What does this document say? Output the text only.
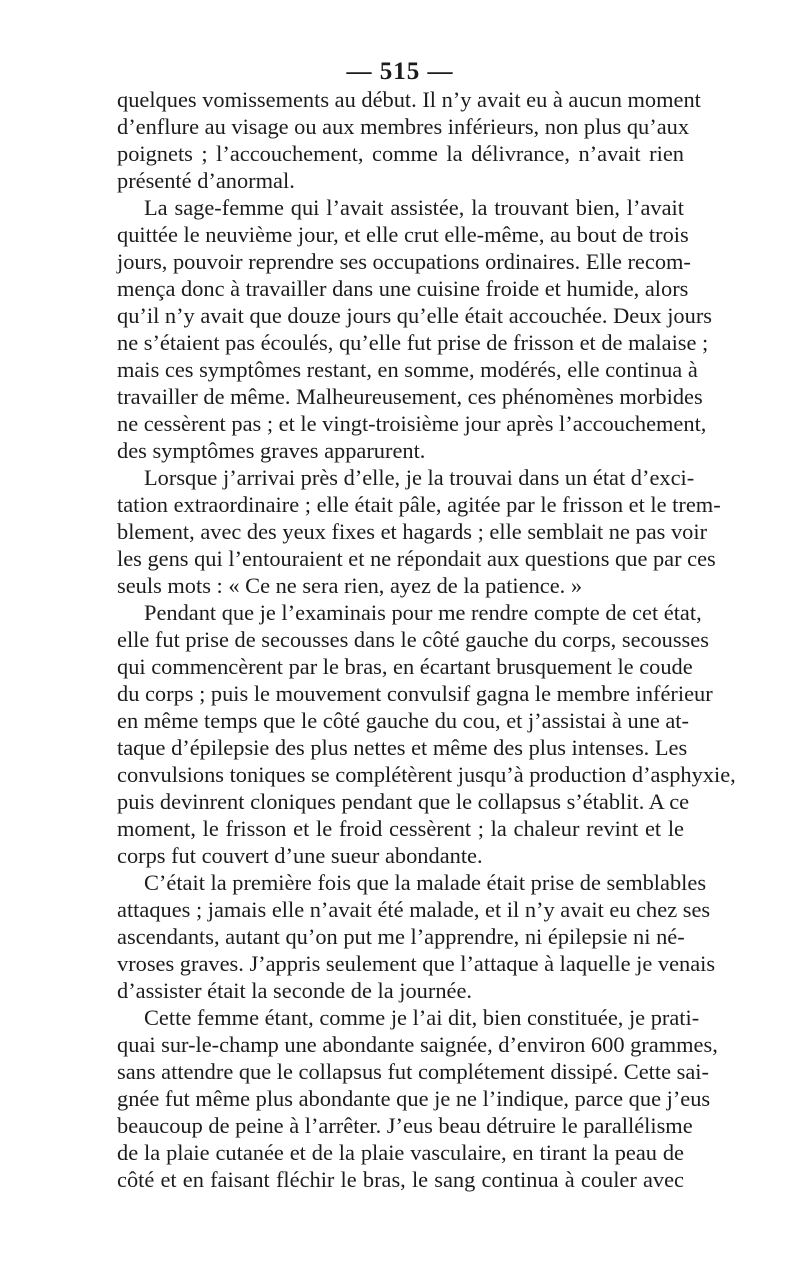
— 515 —
quelques vomissements au début. Il n’y avait eu à aucun moment
d’enflure au visage ou aux membres inférieurs, non plus qu’aux
poignets ; l’accouchement, comme la délivrance, n’avait rien
présenté d’anormal.
La sage-femme qui l’avait assistée, la trouvant bien, l’avait
quittée le neuvième jour, et elle crut elle-même, au bout de trois
jours, pouvoir reprendre ses occupations ordinaires. Elle recom-
mença donc à travailler dans une cuisine froide et humide, alors
qu’il n’y avait que douze jours qu’elle était accouchée. Deux jours
ne s’étaient pas écoulés, qu’elle fut prise de frisson et de malaise ;
mais ces symptômes restant, en somme, modérés, elle continua à
travailler de même. Malheureusement, ces phénomènes morbides
ne cessèrent pas ; et le vingt-troisième jour après l’accouchement,
des symptômes graves apparurent.
Lorsque j’arrivai près d’elle, je la trouvai dans un état d’exci-
tation extraordinaire ; elle était pâle, agitée par le frisson et le trem-
blement, avec des yeux fixes et hagards ; elle semblait ne pas voir
les gens qui l’entouraient et ne répondait aux questions que par ces
seuls mots : « Ce ne sera rien, ayez de la patience. »
Pendant que je l’examinais pour me rendre compte de cet état,
elle fut prise de secousses dans le côté gauche du corps, secousses
qui commencèrent par le bras, en écartant brusquement le coude
du corps ; puis le mouvement convulsif gagna le membre inférieur
en même temps que le côté gauche du cou, et j’assistai à une at-
taque d’épilepsie des plus nettes et même des plus intenses. Les
convulsions toniques se complétèrent jusqu’à production d’asphyxie,
puis devinrent cloniques pendant que le collapsus s’établit. A ce
moment, le frisson et le froid cessèrent ; la chaleur revint et le
corps fut couvert d’une sueur abondante.
C’était la première fois que la malade était prise de semblables
attaques ; jamais elle n’avait été malade, et il n’y avait eu chez ses
ascendants, autant qu’on put me l’apprendre, ni épilepsie ni né-
vroses graves. J’appris seulement que l’attaque à laquelle je venais
d’assister était la seconde de la journée.
Cette femme étant, comme je l’ai dit, bien constituée, je prati-
quai sur-le-champ une abondante saignée, d’environ 600 grammes,
sans attendre que le collapsus fut complétement dissipé. Cette sai-
gnée fut même plus abondante que je ne l’indique, parce que j’eus
beaucoup de peine à l’arrêter. J’eus beau détruire le parallélisme
de la plaie cutanée et de la plaie vasculaire, en tirant la peau de
côté et en faisant fléchir le bras, le sang continua à couler avec
